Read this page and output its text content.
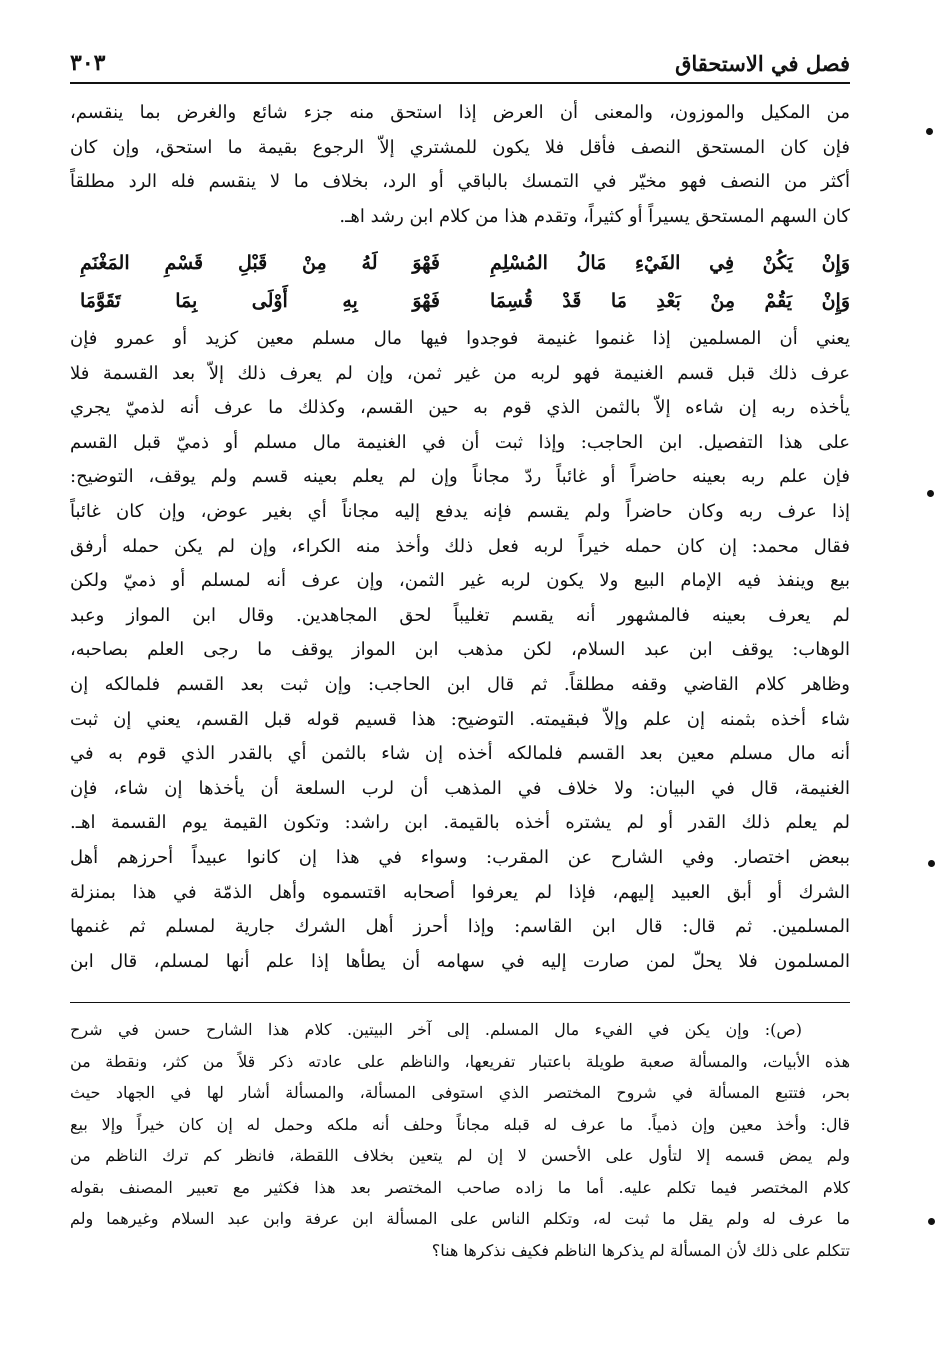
فصل في الاستحقاق
٣٠٣
من المكيل والموزون، والمعنى أن العرض إذا استحق منه جزء شائع والغرض بما ينقسم،
فإن كان المستحق النصف فأقل فلا يكون للمشتري إلاّ الرجوع بقيمة ما استحق، وإن كان
أكثر من النصف فهو مخيّر في التمسك بالباقي أو الرد، بخلاف ما لا ينقسم فله الرد مطلقاً
كان السهم المستحق يسيراً أو كثيراً، وتقدم هذا من كلام ابن رشد اهـ.
وَإِنْ يَكُنْ فِي الفَيْءِ مَالُ المُسْلِمِ
فَهْوَ لَهُ مِنْ قَبْلِ قَسْمِ المَغْنَمِ
وَإِنْ يَقُمْ مِنْ بَعْدِ مَا قَدْ قُسِمَا
فَهْوَ بِهِ أَوْلَى بِمَا تَقَوَّمَا
يعني أن المسلمين إذا غنموا غنيمة فوجدوا فيها مال مسلم معين كزيد أو عمرو فإن
عرف ذلك قبل قسم الغنيمة فهو لربه من غير ثمن، وإن لم يعرف ذلك إلاّ بعد القسمة فلا
يأخذه ربه إن شاءه إلاّ بالثمن الذي قوم به حين القسم، وكذلك ما عرف أنه لذميّ يجري
على هذا التفصيل. ابن الحاجب: وإذا ثبت أن في الغنيمة مال مسلم أو ذميّ قبل القسم
فإن علم ربه بعينه حاضراً أو غائباً ردّ مجاناً وإن لم يعلم بعينه قسم ولم يوقف، التوضيح:
إذا عرف ربه وكان حاضراً ولم يقسم فإنه يدفع إليه مجاناً أي بغير عوض، وإن كان غائباً
فقال محمد: إن كان حمله خيراً لربه فعل ذلك وأخذ منه الكراء، وإن لم يكن حمله أرفق
بيع وينفذ فيه الإمام البيع ولا يكون لربه غير الثمن، وإن عرف أنه لمسلم أو ذميّ ولكن
لم يعرف بعينه فالمشهور أنه يقسم تغليباً لحق المجاهدين. وقال ابن المواز وعبد
الوهاب: يوقف ابن عبد السلام، لكن مذهب ابن المواز يوقف ما رجى العلم بصاحبه،
وظاهر كلام القاضي وقفه مطلقاً. ثم قال ابن الحاجب: وإن ثبت بعد القسم فلمالكه إن
شاء أخذه بثمنه إن علم وإلاّ فبقيمته. التوضيح: هذا قسيم قوله قبل القسم، يعني إن ثبت
أنه مال مسلم معين بعد القسم فلمالكه أخذه إن شاء بالثمن أي بالقدر الذي قوم به في
الغنيمة، قال في البيان: ولا خلاف في المذهب أن لرب السلعة أن يأخذها إن شاء، فإن
لم يعلم ذلك القدر أو لم يشتره أخذه بالقيمة. ابن راشد: وتكون القيمة يوم القسمة اهـ.
ببعض اختصار. وفي الشارح عن المقرب: وسواء في هذا إن كانوا عبيداً أحرزهم أهل
الشرك أو أبق العبيد إليهم، فإذا لم يعرفوا أصحابه اقتسموه وأهل الذمّة في هذا بمنزلة
المسلمين. ثم قال: قال ابن القاسم: وإذا أحرز أهل الشرك جارية لمسلم ثم غنمها
المسلمون فلا يحلّ لمن صارت إليه في سهامه أن يطأها إذا علم أنها لمسلم، قال ابن
(ص): وإن يكن في الفيء مال المسلم. إلى آخر البيتين. كلام هذا الشارح حسن في شرح
هذه الأبيات، والمسألة صعبة طويلة باعتبار تفريعها، والناظم على عادته ذكر قلاً من كثر، ونقطة من
بحر، فتتبع المسألة في شروح المختصر الذي استوفى المسألة، والمسألة أشار لها في الجهاد حيث
قال: وأخذ معين وإن ذمياً. ما عرف له قبله مجاناً وحلف أنه ملكه وحمل له إن كان خيراً وإلا بيع
ولم يمض قسمه إلا لتأول على الأحسن لا إن لم يتعين بخلاف اللقطة، فانظر كم ترك الناظم من
كلام المختصر فيما تكلم عليه. أما ما زاده صاحب المختصر بعد هذا فكثير مع تعبير المصنف بقوله
ما عرف له ولم يقل ما ثبت له، وتكلم الناس على المسألة ابن عرفة وابن عبد السلام وغيرهما ولم
تتكلم على ذلك لأن المسألة لم يذكرها الناظم فكيف نذكرها هنا؟
